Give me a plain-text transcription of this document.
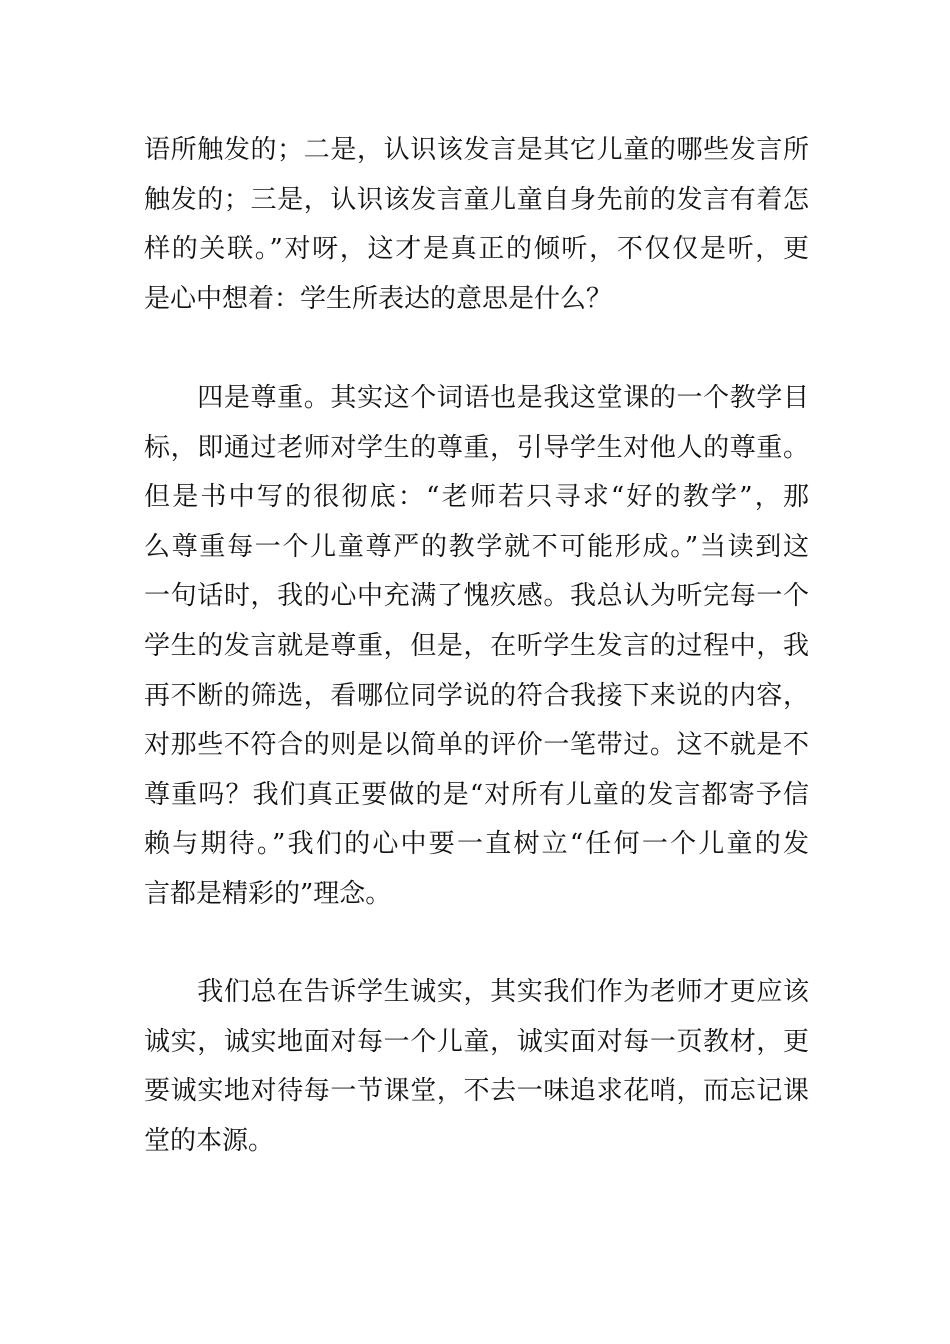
语所触发的；二是，认识该发言是其它儿童的哪些发言所
触发的；三是，认识该发言童儿童自身先前的发言有着怎
样的关联。”对呀，这才是真正的倾听，不仅仅是听，更
是心中想着：学生所表达的意思是什么？

　　四是尊重。其实这个词语也是我这堂课的一个教学目
标，即通过老师对学生的尊重，引导学生对他人的尊重。
但是书中写的很彻底：“老师若只寻求“好的教学”，那
么尊重每一个儿童尊严的教学就不可能形成。”当读到这
一句话时，我的心中充满了愧疚感。我总认为听完每一个
学生的发言就是尊重，但是，在听学生发言的过程中，我
再不断的筛选，看哪位同学说的符合我接下来说的内容，
对那些不符合的则是以简单的评价一笔带过。这不就是不
尊重吗？我们真正要做的是“对所有儿童的发言都寄予信
赖与期待。”我们的心中要一直树立“任何一个儿童的发
言都是精彩的”理念。

　　我们总在告诉学生诚实，其实我们作为老师才更应该
诚实，诚实地面对每一个儿童，诚实面对每一页教材，更
要诚实地对待每一节课堂，不去一味追求花哨，而忘记课
堂的本源。
